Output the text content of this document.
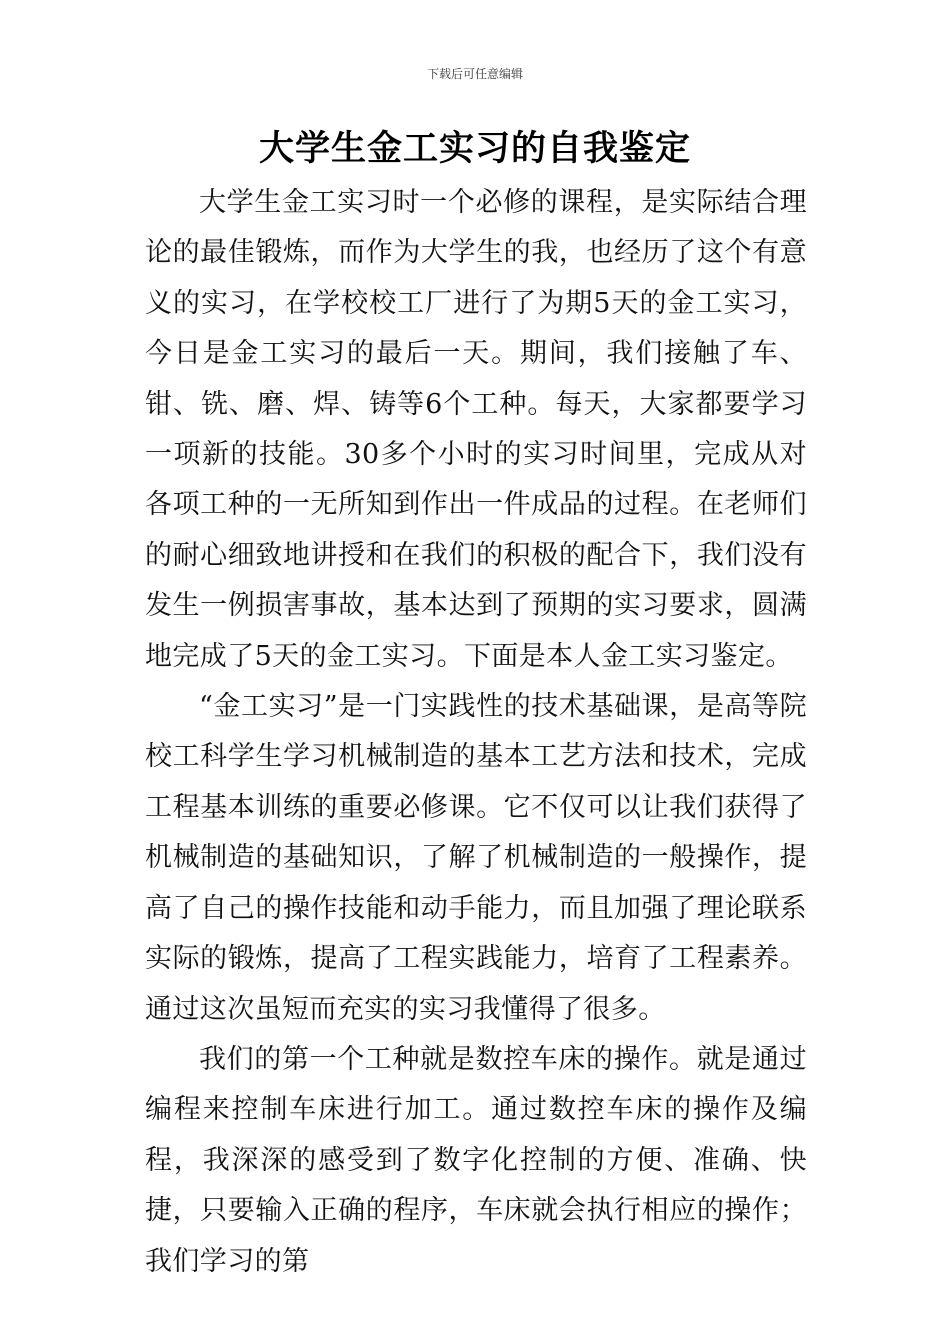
下载后可任意编辑
大学生金工实习的自我鉴定

大学生金工实习时一个必修的课程，是实际结合理论的最佳锻炼，而作为大学生的我，也经历了这个有意义的实习，在学校校工厂进行了为期5天的金工实习，今日是金工实习的最后一天。期间，我们接触了车、钳、铣、磨、焊、铸等6个工种。每天，大家都要学习一项新的技能。30多个小时的实习时间里，完成从对各项工种的一无所知到作出一件成品的过程。在老师们的耐心细致地讲授和在我们的积极的配合下，我们没有发生一例损害事故，基本达到了预期的实习要求，圆满地完成了5天的金工实习。下面是本人金工实习鉴定。

“金工实习”是一门实践性的技术基础课，是高等院校工科学生学习机械制造的基本工艺方法和技术，完成工程基本训练的重要必修课。它不仅可以让我们获得了机械制造的基础知识，了解了机械制造的一般操作，提高了自己的操作技能和动手能力，而且加强了理论联系实际的锻炼，提高了工程实践能力，培育了工程素养。通过这次虽短而充实的实习我懂得了很多。

我们的第一个工种就是数控车床的操作。就是通过编程来控制车床进行加工。通过数控车床的操作及编程，我深深的感受到了数字化控制的方便、准确、快捷，只要输入正确的程序，车床就会执行相应的操作；我们学习的第
